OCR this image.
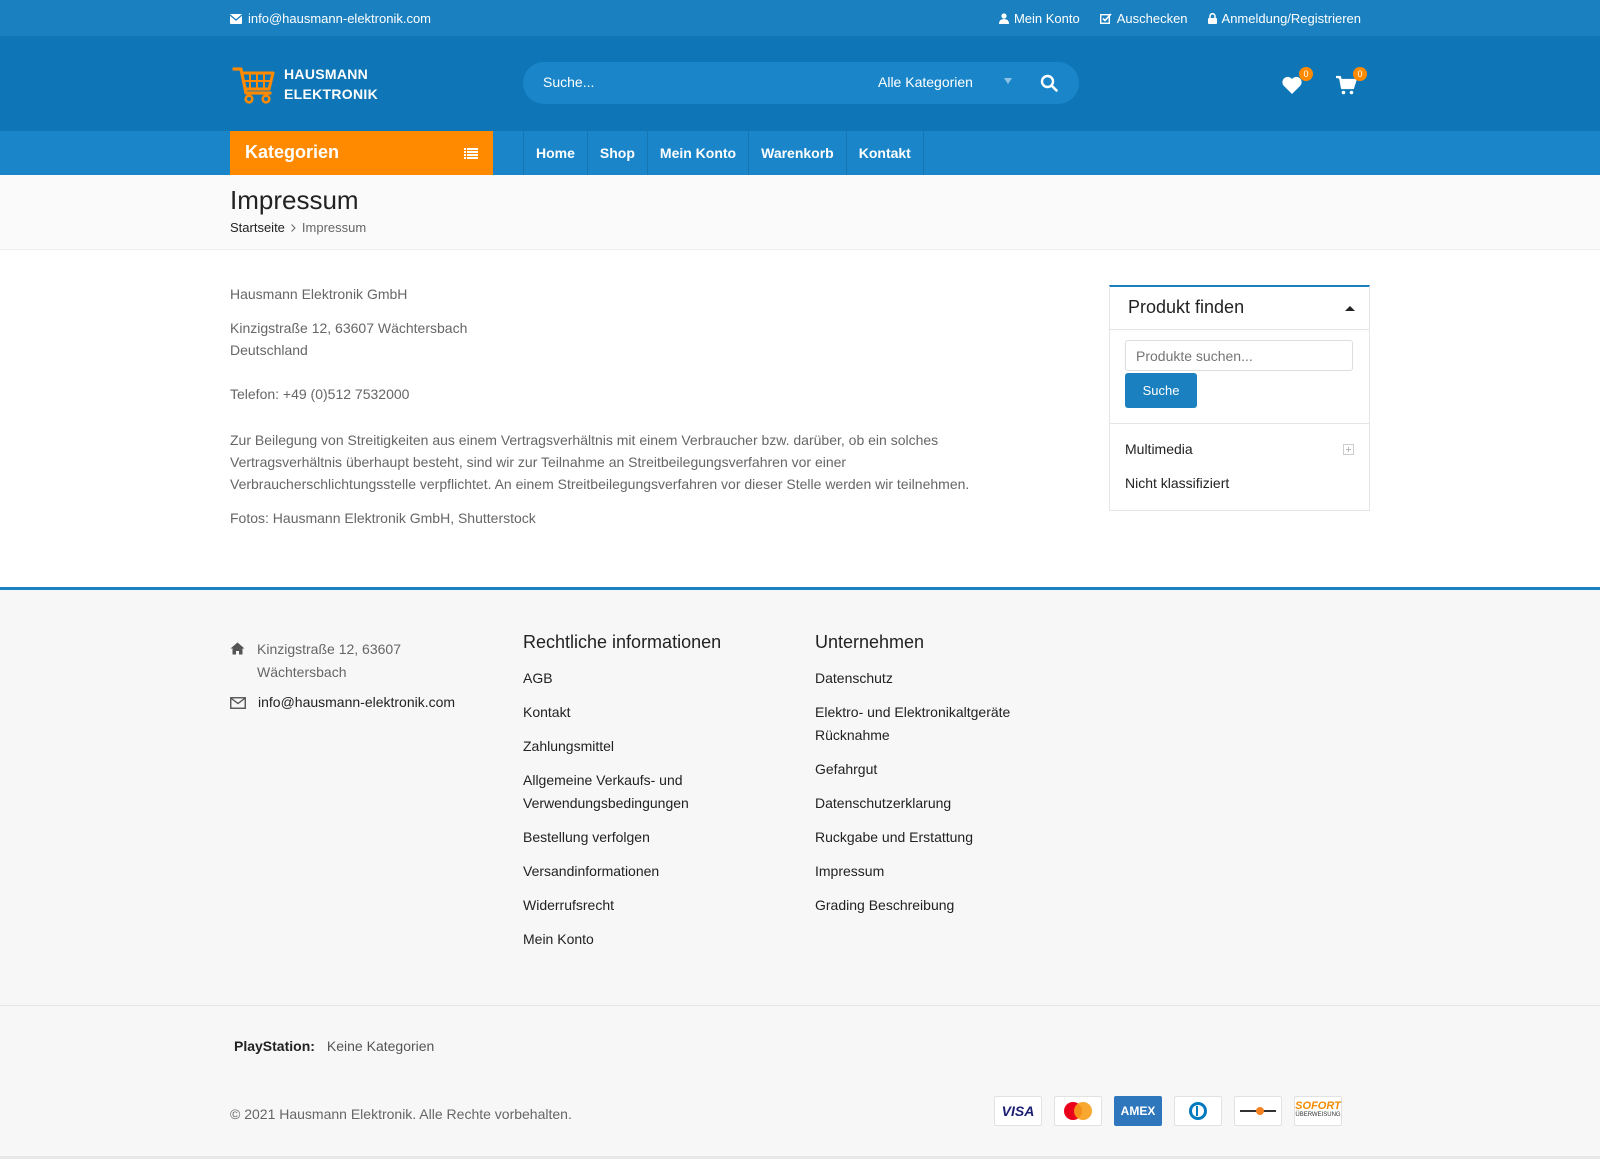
info@hausmann-elektronik.com	Mein Konto	Auschecken	Anmeldung/Registrieren
HAUSMANN
ELEKTRONIK
Suche...	Alle Kategorien	0	0
Kategorien	Home	Shop	Mein Konto	Warenkorb	Kontakt
Impressum
Startseite Impressum

Hausmann Elektronik GmbH

Kinzigstraße 12, 63607 Wächtersbach
Deutschland

Telefon: +49 (0)512 7532000

Zur Beilegung von Streitigkeiten aus einem Vertragsverhältnis mit einem Verbraucher bzw. darüber, ob ein solches Vertragsverhältnis überhaupt besteht, sind wir zur Teilnahme an Streitbeilegungsverfahren vor einer Verbraucherschlichtungsstelle verpflichtet. An einem Streitbeilegungsverfahren vor dieser Stelle werden wir teilnehmen.

Fotos: Hausmann Elektronik GmbH, Shutterstock

Produkt finden
Produkte suchen...
Suche
Multimedia
Nicht klassifiziert
Kinzigstraße 12, 63607 Wächtersbach
info@hausmann-elektronik.com
Rechtliche informationen
AGB
Kontakt
Zahlungsmittel
Allgemeine Verkaufs- und Verwendungsbedingungen
Bestellung verfolgen
Versandinformationen
Widerrufsrecht
Mein Konto
Unternehmen
Datenschutz
Elektro- und Elektronikaltgeräte Rücknahme
Gefahrgut
Datenschutzerklarung
Ruckgabe und Erstattung
Impressum
Grading Beschreibung
PlayStation: Keine Kategorien
© 2021 Hausmann Elektronik. Alle Rechte vorbehalten.	VISA	AMEX	SOFORT
ÜBERWEISUNG
